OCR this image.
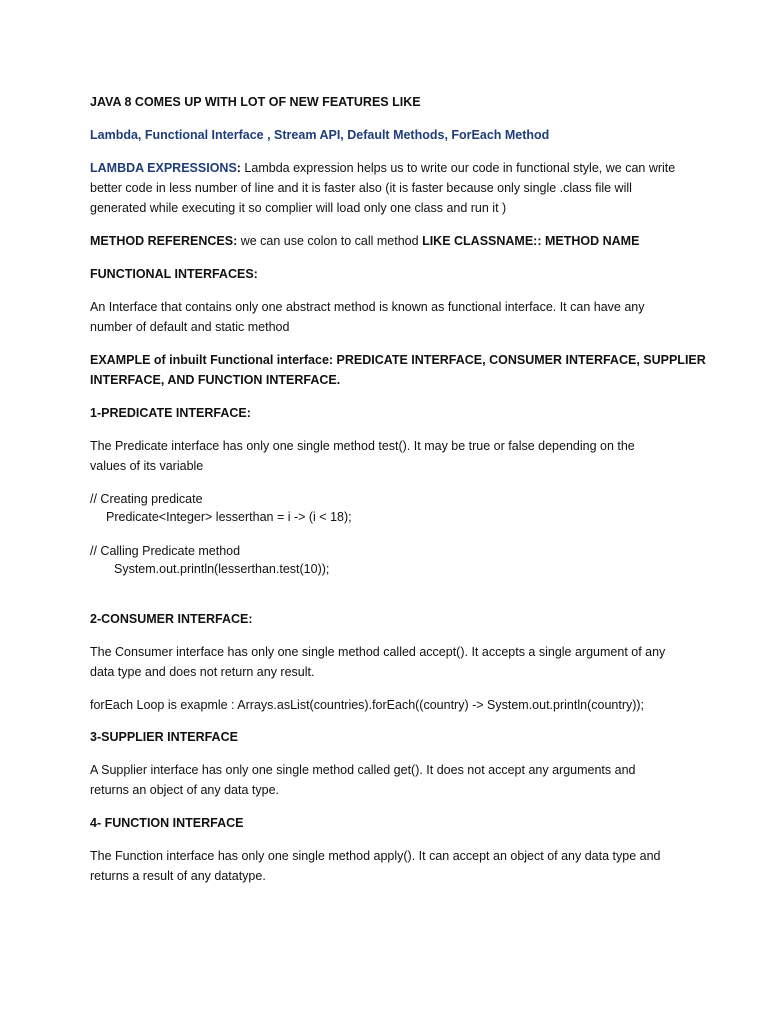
JAVA 8 COMES UP WITH LOT OF NEW FEATURES LIKE
Lambda, Functional Interface , Stream API, Default Methods, ForEach Method
LAMBDA EXPRESSIONS: Lambda expression helps us to write our code in functional style, we can write
better code in less number of line and it is faster also (it is faster because only single .class file will
generated while executing it so complier will load only one class and run it )
METHOD REFERENCES: we can use colon to call method LIKE CLASSNAME:: METHOD NAME
FUNCTIONAL INTERFACES:
An Interface that contains only one abstract method is known as functional interface. It can have any
number of default and static method
EXAMPLE of inbuilt Functional interface: PREDICATE INTERFACE, CONSUMER INTERFACE, SUPPLIER
INTERFACE, AND FUNCTION INTERFACE.
1-PREDICATE INTERFACE:
The Predicate interface has only one single method test(). It may be true or false depending on the
values of its variable
// Creating predicate
Predicate<Integer> lesserthan = i -> (i < 18);
// Calling Predicate method
System.out.println(lesserthan.test(10));
2-CONSUMER INTERFACE:
The Consumer interface has only one single method called accept(). It accepts a single argument of any
data type and does not return any result.
forEach Loop is exapmle : Arrays.asList(countries).forEach((country) -> System.out.println(country));
3-SUPPLIER INTERFACE
A Supplier interface has only one single method called get(). It does not accept any arguments and
returns an object of any data type.
4- FUNCTION INTERFACE
The Function interface has only one single method apply(). It can accept an object of any data type and
returns a result of any datatype.
